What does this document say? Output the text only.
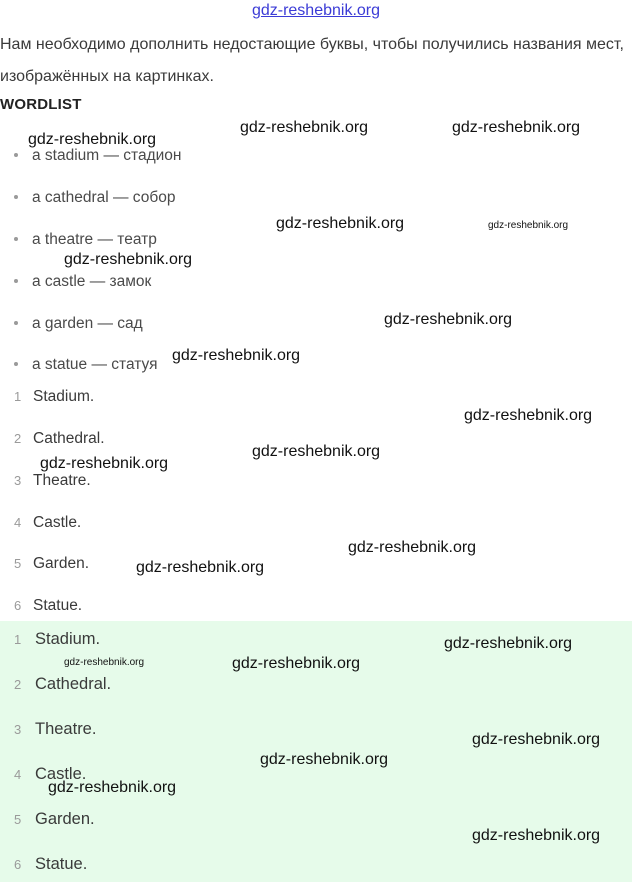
gdz-reshebnik.org
Нам необходимо дополнить недостающие буквы, чтобы получились названия мест, изображённых на картинках.
WORDLIST
a stadium — стадион
a cathedral — собор
a theatre — театр
a castle — замок
a garden — сад
a statue — статуя
1 Stadium.
2 Cathedral.
3 Theatre.
4 Castle.
5 Garden.
6 Statue.
1 Stadium.
2 Cathedral.
3 Theatre.
4 Castle.
5 Garden.
6 Statue.
gdz-reshebnik.org
gdz-reshebnik.org	gdz-reshebnik.org
gdz-reshebnik.org	gdz-reshebnik.org
gdz-reshebnik.org
gdz-reshebnik.org
gdz-reshebnik.org
gdz-reshebnik.org
gdz-reshebnik.org
gdz-reshebnik.org
gdz-reshebnik.org
gdz-reshebnik.org
gdz-reshebnik.org
gdz-reshebnik.org	gdz-reshebnik.org
gdz-reshebnik.org
gdz-reshebnik.org
gdz-reshebnik.org
gdz-reshebnik.org
